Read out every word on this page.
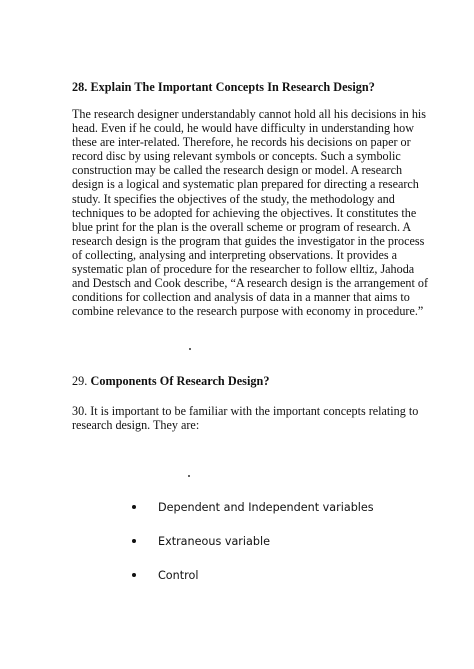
28. Explain The Important Concepts In Research Design?
The research designer understandably cannot hold all his decisions in his
head. Even if he could, he would have difficulty in understanding how
these are inter-related. Therefore, he records his decisions on paper or
record disc by using relevant symbols or concepts. Such a symbolic
construction may be called the research design or model. A research
design is a logical and systematic plan prepared for directing a research
study. It specifies the objectives of the study, the methodology and
techniques to be adopted for achieving the objectives. It constitutes the
blue print for the plan is the overall scheme or program of research. A
research design is the program that guides the investigator in the process
of collecting, analysing and interpreting observations. It provides a
systematic plan of procedure for the researcher to follow elltiz, Jahoda
and Destsch and Cook describe, “A research design is the arrangement of
conditions for collection and analysis of data in a manner that aims to
combine relevance to the research purpose with economy in procedure.”
29. Components Of Research Design?
30. It is important to be familiar with the important concepts relating to
research design. They are:
Dependent and Independent variables
Extraneous variable
Control
